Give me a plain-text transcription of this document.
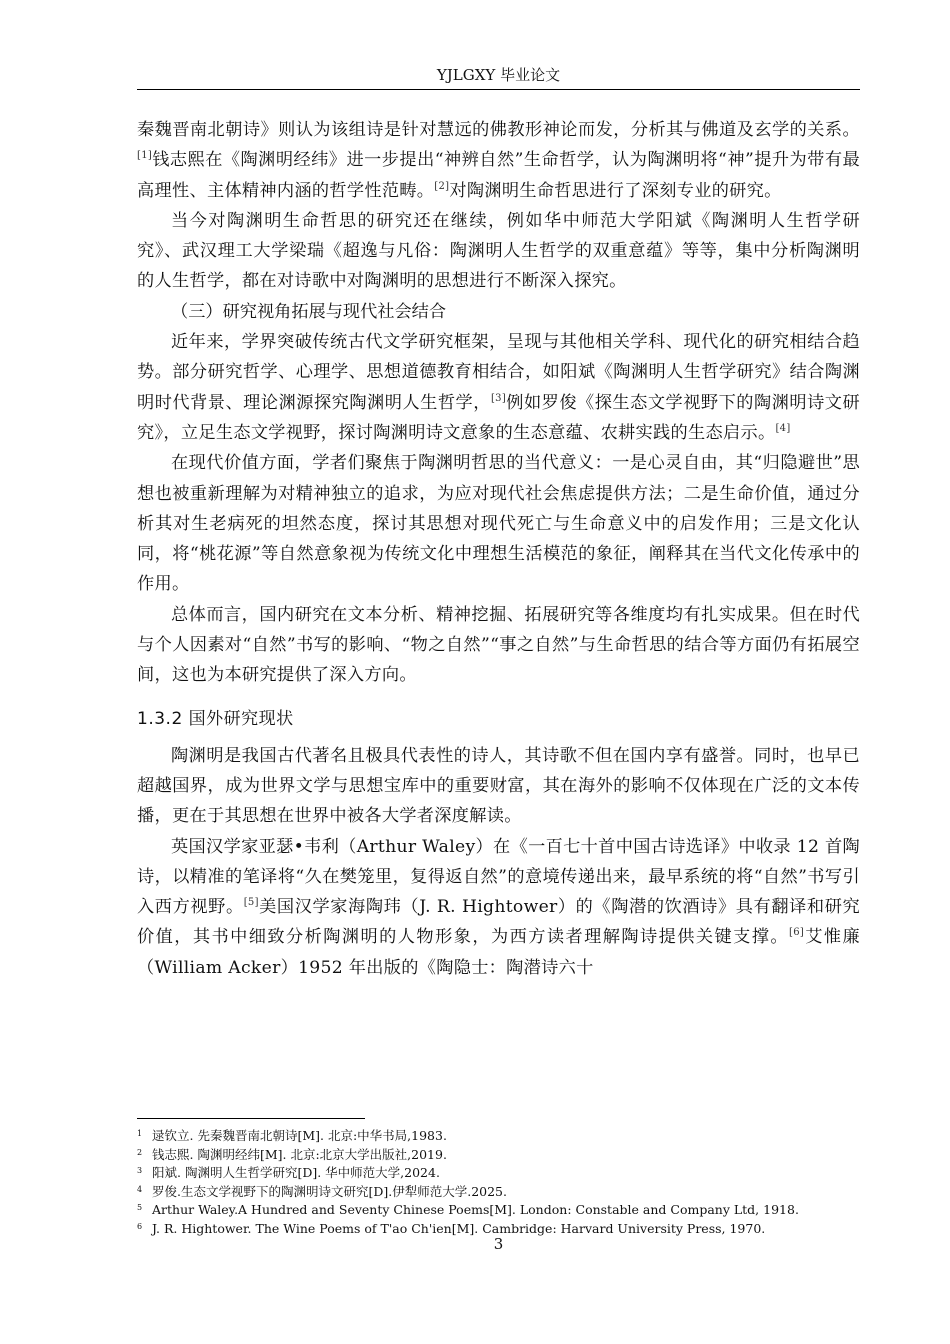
YJLGXY 毕业论文

秦魏晋南北朝诗》则认为该组诗是针对慧远的佛教形神论而发，分析其与佛道及玄学的关系。[1]钱志熙在《陶渊明经纬》进一步提出“神辨自然”生命哲学，认为陶渊明将“神”提升为带有最高理性、主体精神内涵的哲学性范畴。[2]对陶渊明生命哲思进行了深刻专业的研究。

当今对陶渊明生命哲思的研究还在继续，例如华中师范大学阳斌《陶渊明人生哲学研究》、武汉理工大学梁瑞《超逸与凡俗：陶渊明人生哲学的双重意蕴》等等，集中分析陶渊明的人生哲学，都在对诗歌中对陶渊明的思想进行不断深入探究。

（三）研究视角拓展与现代社会结合

近年来，学界突破传统古代文学研究框架，呈现与其他相关学科、现代化的研究相结合趋势。部分研究哲学、心理学、思想道德教育相结合，如阳斌《陶渊明人生哲学研究》结合陶渊明时代背景、理论渊源探究陶渊明人生哲学，[3]例如罗俊《探生态文学视野下的陶渊明诗文研究》，立足生态文学视野，探讨陶渊明诗文意象的生态意蕴、农耕实践的生态启示。[4]

在现代价值方面，学者们聚焦于陶渊明哲思的当代意义：一是心灵自由，其“归隐避世”思想也被重新理解为对精神独立的追求，为应对现代社会焦虑提供方法；二是生命价值，通过分析其对生老病死的坦然态度，探讨其思想对现代死亡与生命意义中的启发作用；三是文化认同，将“桃花源”等自然意象视为传统文化中理想生活模范的象征，阐释其在当代文化传承中的作用。

总体而言，国内研究在文本分析、精神挖掘、拓展研究等各维度均有扎实成果。但在时代与个人因素对“自然”书写的影响、“物之自然”“事之自然”与生命哲思的结合等方面仍有拓展空间，这也为本研究提供了深入方向。

1.3.2 国外研究现状

陶渊明是我国古代著名且极具代表性的诗人，其诗歌不但在国内享有盛誉。同时，也早已超越国界，成为世界文学与思想宝库中的重要财富，其在海外的影响不仅体现在广泛的文本传播，更在于其思想在世界中被各大学者深度解读。

英国汉学家亚瑟•韦利（Arthur Waley）在《一百七十首中国古诗选译》中收录 12 首陶诗，以精准的笔译将“久在樊笼里，复得返自然”的意境传递出来，最早系统的将“自然”书写引入西方视野。[5]美国汉学家海陶玮（J. R. Hightower）的《陶潜的饮酒诗》具有翻译和研究价值，其书中细致分析陶渊明的人物形象，为西方读者理解陶诗提供关键支撑。[6]艾惟廉（William Acker）1952 年出版的《陶隐士：陶潜诗六十

1 逯钦立. 先秦魏晋南北朝诗[M]. 北京:中华书局,1983.
2 钱志熙. 陶渊明经纬[M]. 北京:北京大学出版社,2019.
3 阳斌. 陶渊明人生哲学研究[D]. 华中师范大学,2024.
4 罗俊.生态文学视野下的陶渊明诗文研究[D].伊犁师范大学.2025.
5 Arthur Waley.A Hundred and Seventy Chinese Poems[M]. London: Constable and Company Ltd, 1918.
6 J. R. Hightower. The Wine Poems of T'ao Ch'ien[M]. Cambridge: Harvard University Press, 1970.
3
